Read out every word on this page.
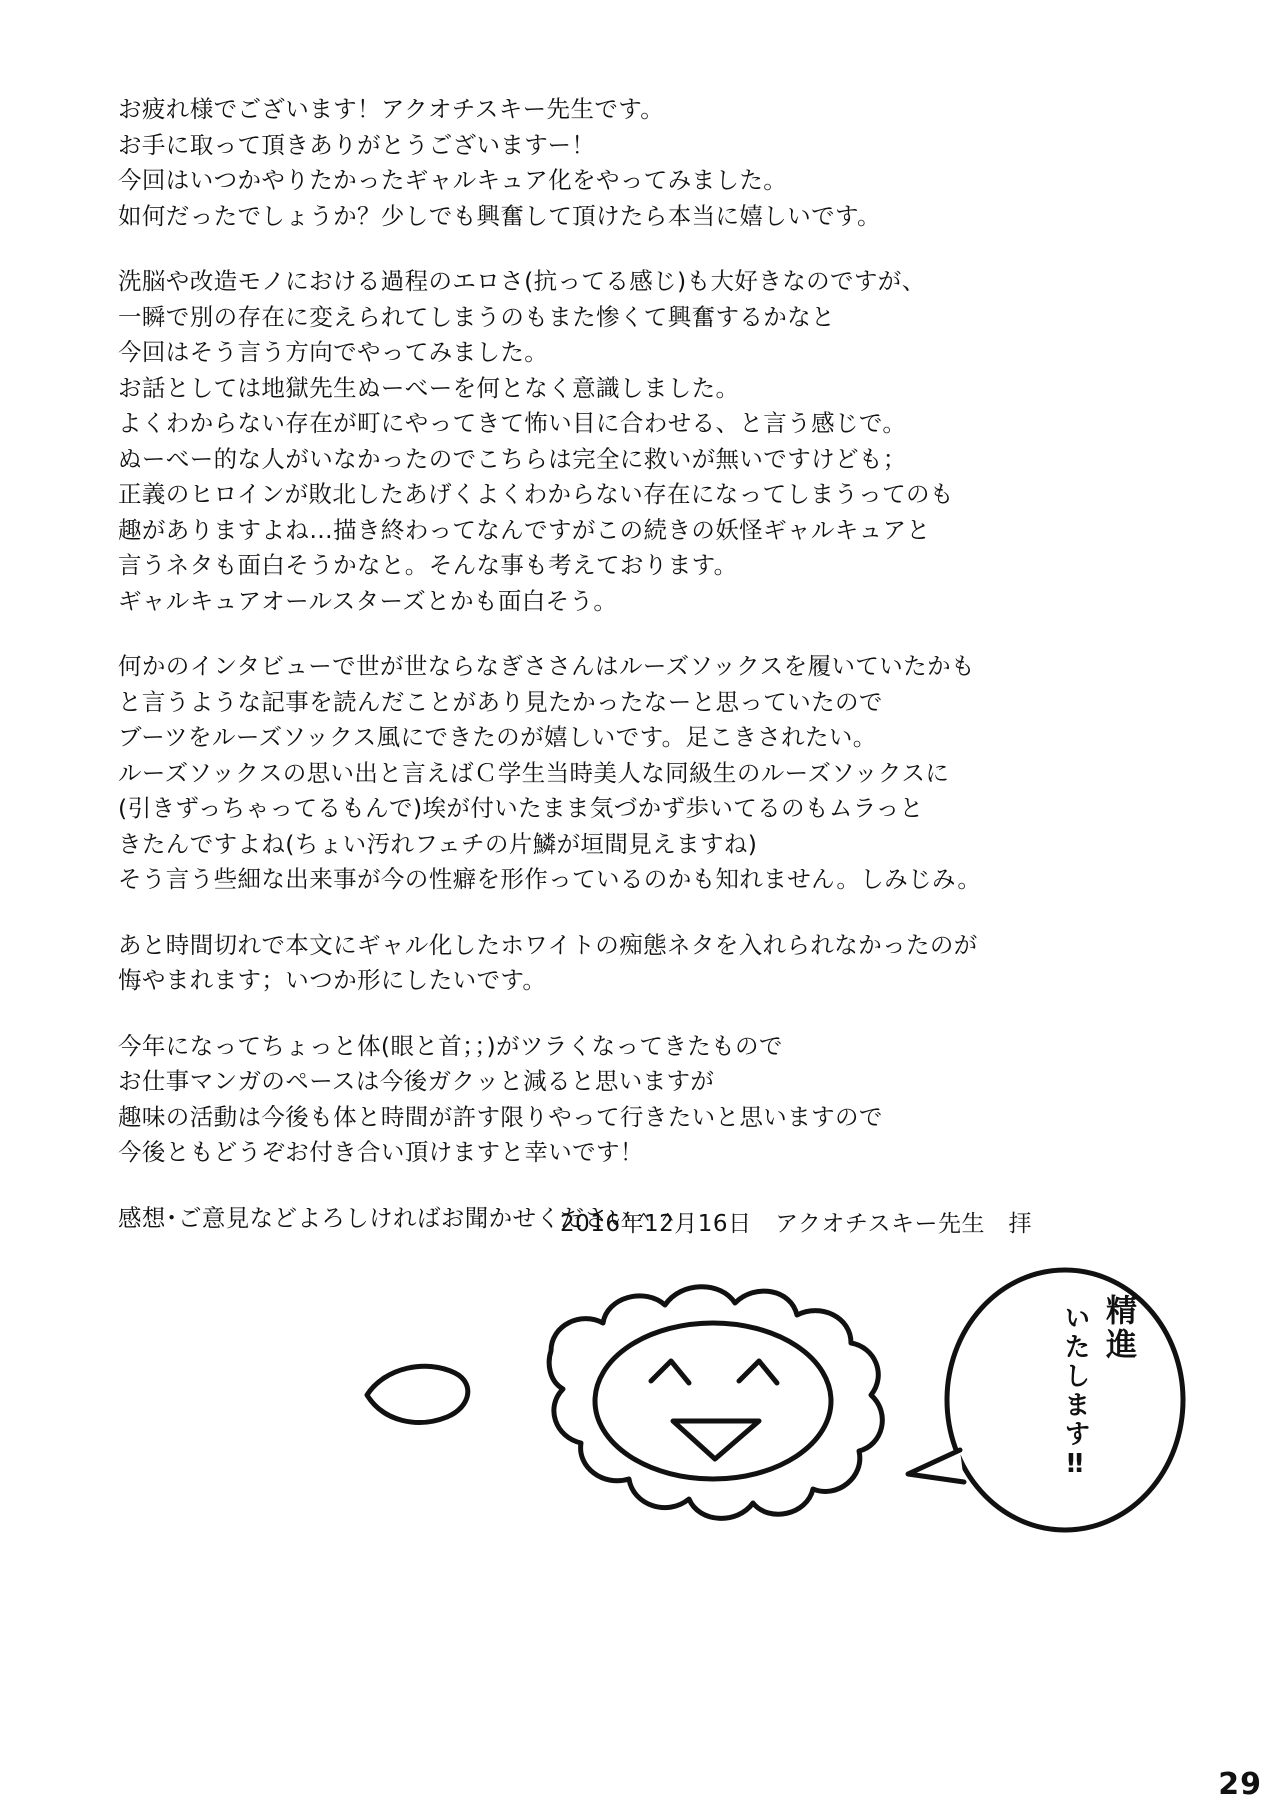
お疲れ様でございます！アクオチスキー先生です。
お手に取って頂きありがとうございますー！
今回はいつかやりたかったギャルキュア化をやってみました。
如何だったでしょうか？少しでも興奮して頂けたら本当に嬉しいです。
洗脳や改造モノにおける過程のエロさ(抗ってる感じ)も大好きなのですが、
一瞬で別の存在に変えられてしまうのもまた惨くて興奮するかなと
今回はそう言う方向でやってみました。
お話としては地獄先生ぬーべーを何となく意識しました。
よくわからない存在が町にやってきて怖い目に合わせる、と言う感じで。
ぬーべー的な人がいなかったのでこちらは完全に救いが無いですけども；
正義のヒロインが敗北したあげくよくわからない存在になってしまうってのも
趣がありますよね…描き終わってなんですがこの続きの妖怪ギャルキュアと
言うネタも面白そうかなと。そんな事も考えております。
ギャルキュアオールスターズとかも面白そう。
何かのインタビューで世が世ならなぎささんはルーズソックスを履いていたかも
と言うような記事を読んだことがあり見たかったなーと思っていたので
ブーツをルーズソックス風にできたのが嬉しいです。足こきされたい。
ルーズソックスの思い出と言えばＣ学生当時美人な同級生のルーズソックスに
(引きずっちゃってるもんで)埃が付いたまま気づかず歩いてるのもムラっと
きたんですよね(ちょい汚れフェチの片鱗が垣間見えますね)
そう言う些細な出来事が今の性癖を形作っているのかも知れません。しみじみ。
あと時間切れで本文にギャル化したホワイトの痴態ネタを入れられなかったのが
悔やまれます；いつか形にしたいです。
今年になってちょっと体(眼と首；；)がツラくなってきたもので
お仕事マンガのペースは今後ガクッと減ると思いますが
趣味の活動は今後も体と時間が許す限りやって行きたいと思いますので
今後ともどうぞお付き合い頂けますと幸いです！
感想･ご意見などよろしければお聞かせください＾＾
2016年12月16日　アクオチスキー先生　拝
精進
いたします‼
29
